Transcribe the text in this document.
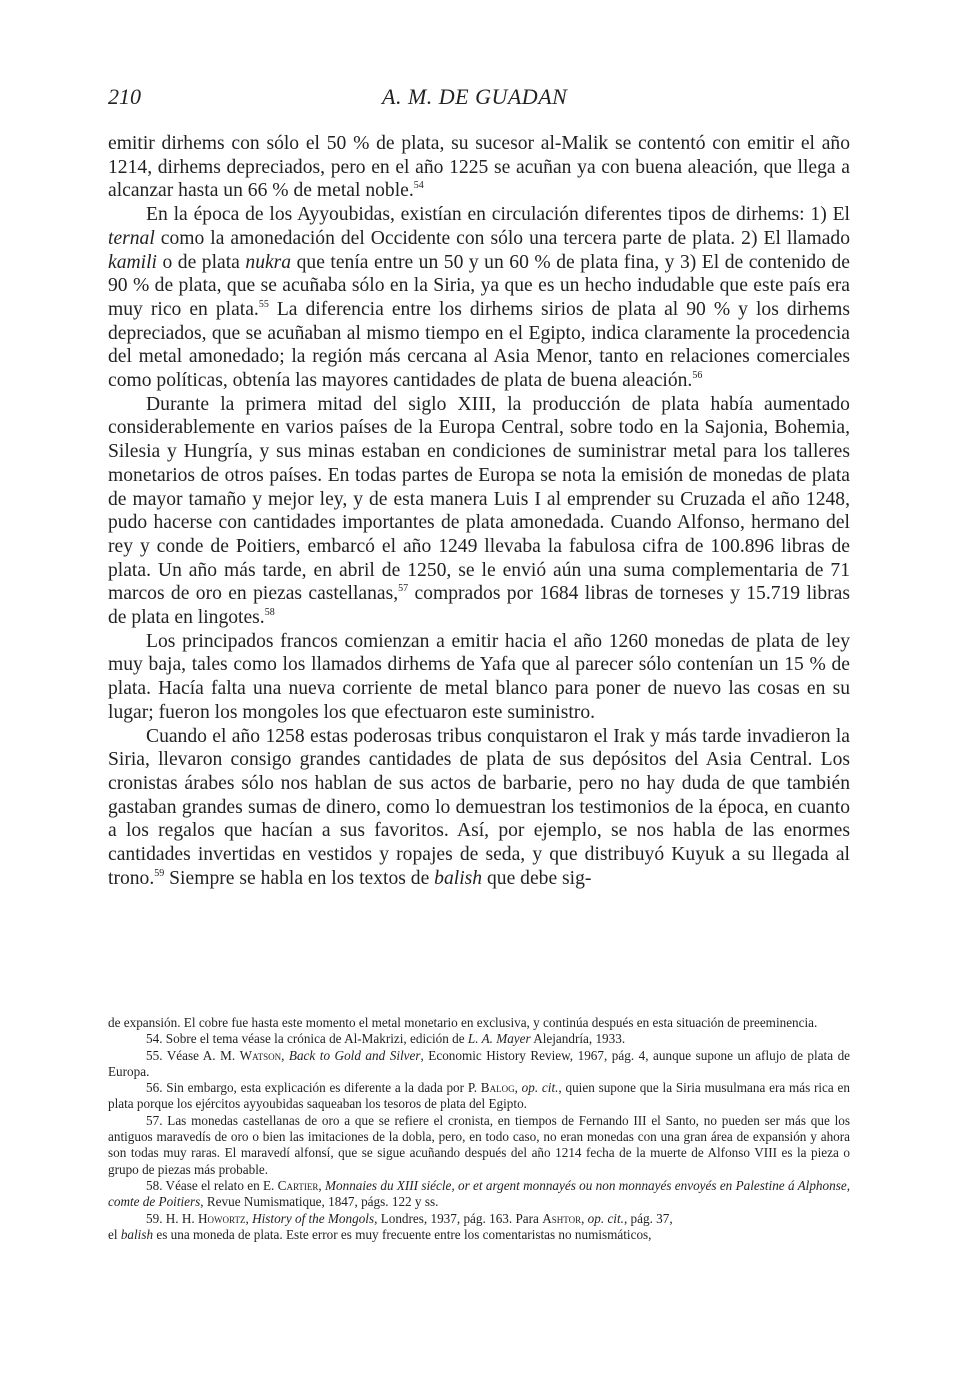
210	A. M. DE GUADAN

emitir dirhems con sólo el 50 % de plata, su sucesor al-Malik se contentó con emitir el año 1214, dirhems depreciados, pero en el año 1225 se acuñan ya con buena aleación, que llega a alcanzar hasta un 66 % de metal noble.$^{54}$

En la época de los Ayyoubidas, existían en circulación diferentes tipos de dirhems: 1) El ternal como la amonedación del Occidente con sólo una tercera parte de plata. 2) El llamado kamili o de plata nukra que tenía entre un 50 y un 60 % de plata fina, y 3) El de contenido de 90 % de plata, que se acuñaba sólo en la Siria, ya que es un hecho indudable que este país era muy rico en plata.$^{55}$ La diferencia entre los dirhems sirios de plata al 90 % y los dirhems depreciados, que se acuñaban al mismo tiempo en el Egipto, indica claramente la procedencia del metal amonedado; la región más cercana al Asia Menor, tanto en relaciones comerciales como políticas, obtenía las mayores cantidades de plata de buena aleación.$^{56}$

Durante la primera mitad del siglo XIII, la producción de plata había aumentado considerablemente en varios países de la Europa Central, sobre todo en la Sajonia, Bohemia, Silesia y Hungría, y sus minas estaban en condiciones de suministrar metal para los talleres monetarios de otros países. En todas partes de Europa se nota la emisión de monedas de plata de mayor tamaño y mejor ley, y de esta manera Luis I al emprender su Cruzada el año 1248, pudo hacerse con cantidades importantes de plata amonedada. Cuando Alfonso, hermano del rey y conde de Poitiers, embarcó el año 1249 llevaba la fabulosa cifra de 100.896 libras de plata. Un año más tarde, en abril de 1250, se le envió aún una suma complementaria de 71 marcos de oro en piezas castellanas,$^{57}$ comprados por 1684 libras de torneses y 15.719 libras de plata en lingotes.$^{58}$

Los principados francos comienzan a emitir hacia el año 1260 monedas de plata de ley muy baja, tales como los llamados dirhems de Yafa que al parecer sólo contenían un 15 % de plata. Hacía falta una nueva corriente de metal blanco para poner de nuevo las cosas en su lugar; fueron los mongoles los que efectuaron este suministro.

Cuando el año 1258 estas poderosas tribus conquistaron el Irak y más tarde invadieron la Siria, llevaron consigo grandes cantidades de plata de sus depósitos del Asia Central. Los cronistas árabes sólo nos hablan de sus actos de barbarie, pero no hay duda de que también gastaban grandes sumas de dinero, como lo demuestran los testimonios de la época, en cuanto a los regalos que hacían a sus favoritos. Así, por ejemplo, se nos habla de las enormes cantidades invertidas en vestidos y ropajes de seda, y que distribuyó Kuyuk a su llegada al trono.$^{59}$ Siempre se habla en los textos de balish que debe sig-

de expansión. El cobre fue hasta este momento el metal monetario en exclusiva, y continúa después en esta situación de preeminencia.

54. Sobre el tema véase la crónica de Al-Makrizi, edición de L. A. Mayer Alejandría, 1933.

55. Véase A. M. Watson, Back to Gold and Silver, Economic History Review, 1967, pág. 4, aunque supone un aflujo de plata de Europa.

56. Sin embargo, esta explicación es diferente a la dada por P. Balog, op. cit., quien supone que la Siria musulmana era más rica en plata porque los ejércitos ayyoubidas saqueaban los tesoros de plata del Egipto.

57. Las monedas castellanas de oro a que se refiere el cronista, en tiempos de Fernando III el Santo, no pueden ser más que los antiguos maravedís de oro o bien las imitaciones de la dobla, pero, en todo caso, no eran monedas con una gran área de expansión y ahora son todas muy raras. El maravedí alfonsí, que se sigue acuñando después del año 1214 fecha de la muerte de Alfonso VIII es la pieza o grupo de piezas más probable.

58. Véase el relato en E. Cartier, Monnaies du XIII siécle, or et argent monnayés ou non monnayés envoyés en Palestine á Alphonse, comte de Poitiers, Revue Numismatique, 1847, págs. 122 y ss.

59. H. H. Howortz, History of the Mongols, Londres, 1937, pág. 163. Para Ashtor, op. cit., pág. 37,

el balish es una moneda de plata. Este error es muy frecuente entre los comentaristas no numismáticos,
